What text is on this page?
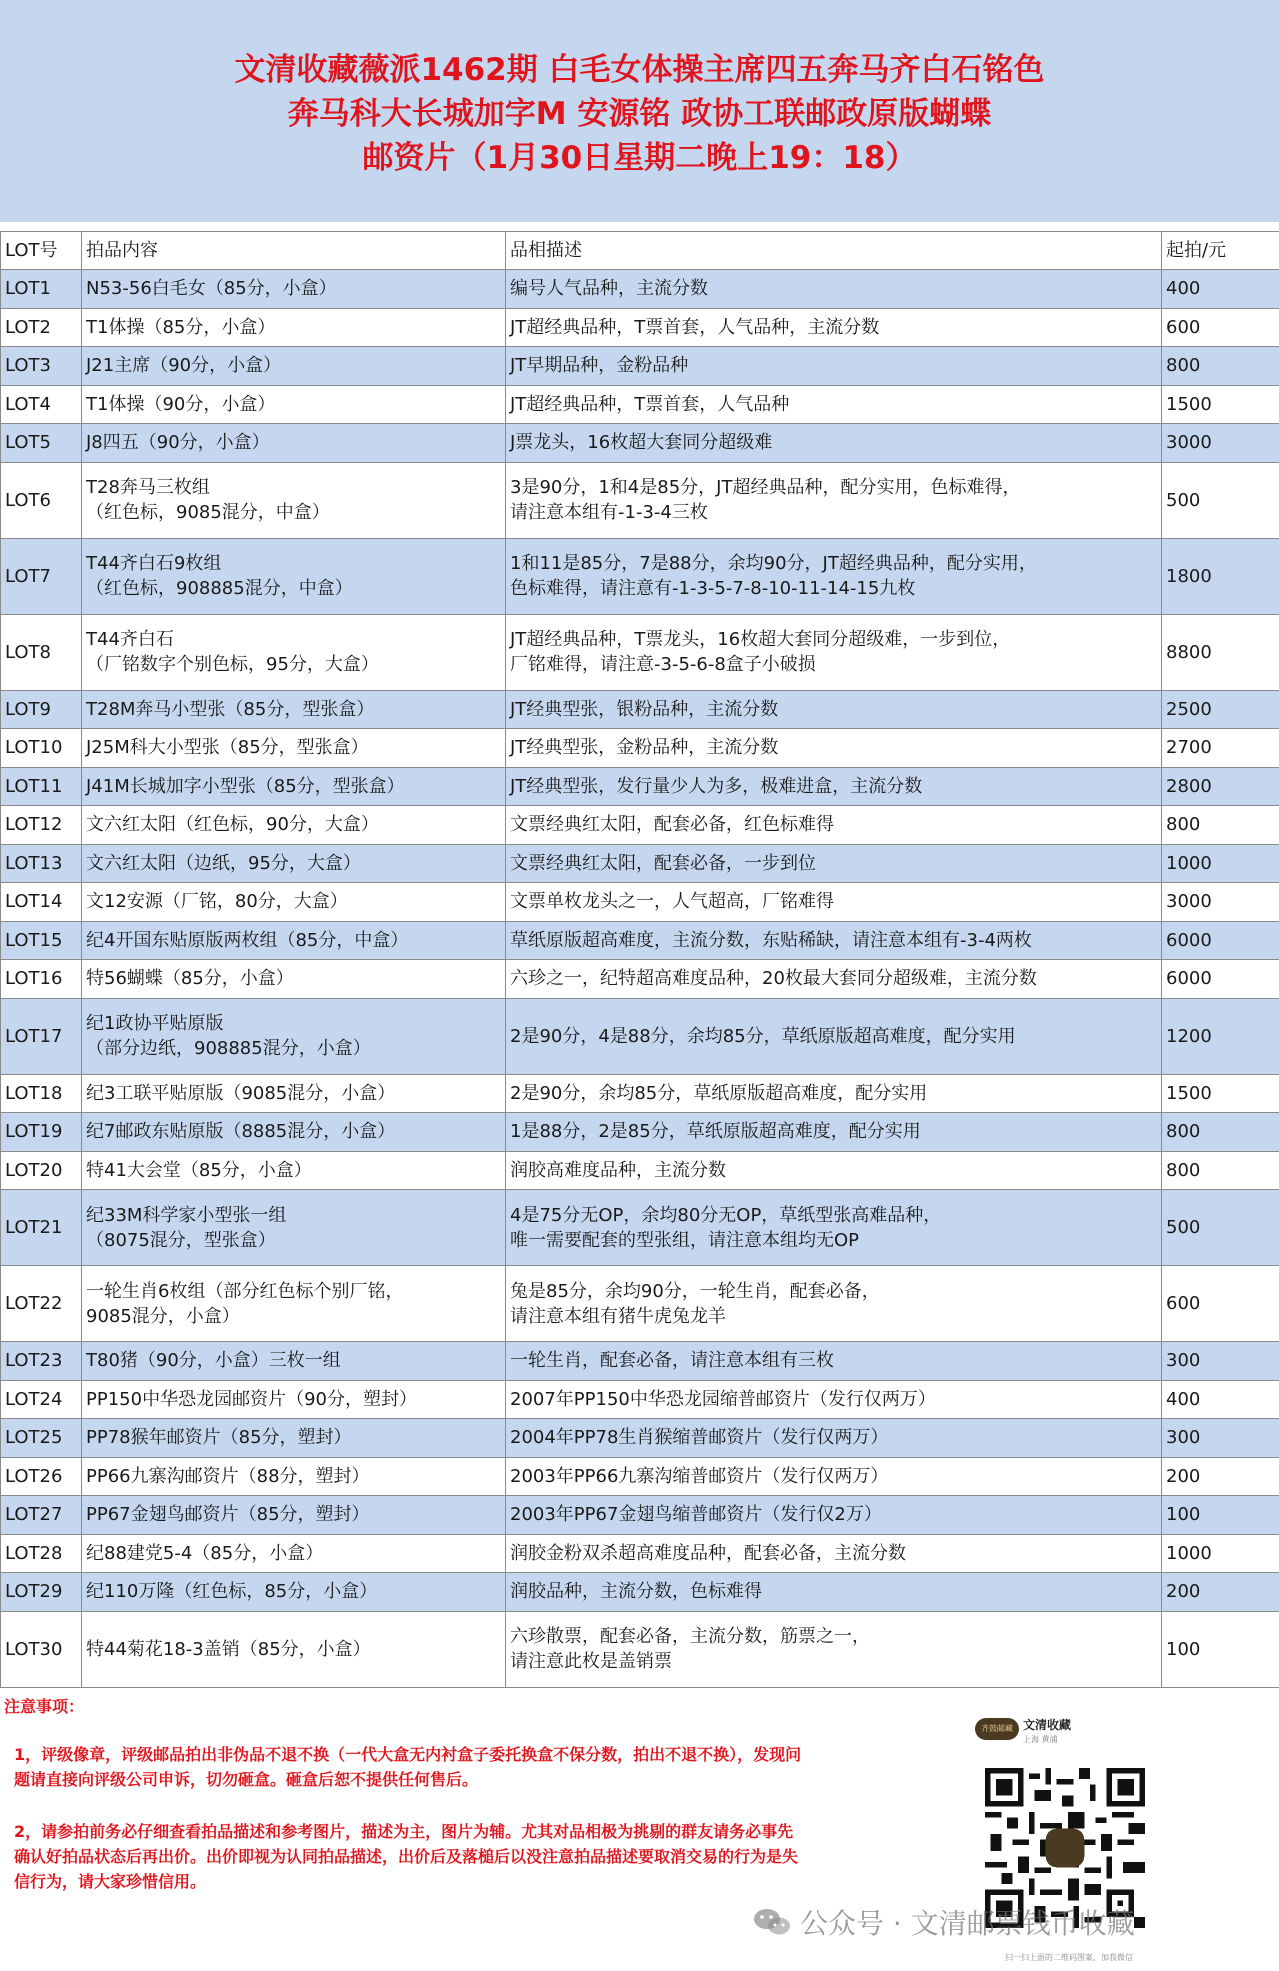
文清收藏薇派1462期 白毛女体操主席四五奔马齐白石铭色
奔马科大长城加字M 安源铭 政协工联邮政原版蝴蝶
邮资片（1月30日星期二晚上19：18）
LOT号	拍品内容	品相描述	起拍/元
LOT1	N53-56白毛女（85分，小盒）	编号人气品种，主流分数	400
LOT2	T1体操（85分，小盒）	JT超经典品种，T票首套，人气品种，主流分数	600
LOT3	J21主席（90分，小盒）	JT早期品种，金粉品种	800
LOT4	T1体操（90分，小盒）	JT超经典品种，T票首套，人气品种	1500
LOT5	J8四五（90分，小盒）	J票龙头，16枚超大套同分超级难	3000
LOT6	T28奔马三枚组
（红色标，9085混分，中盒）	3是90分，1和4是85分，JT超经典品种，配分实用，色标难得，
请注意本组有-1-3-4三枚	500
LOT7	T44齐白石9枚组
（红色标，908885混分，中盒）	1和11是85分，7是88分，余均90分，JT超经典品种，配分实用，
色标难得，请注意有-1-3-5-7-8-10-11-14-15九枚	1800
LOT8	T44齐白石
（厂铭数字个别色标，95分，大盒）	JT超经典品种，T票龙头，16枚超大套同分超级难，一步到位，
厂铭难得，请注意-3-5-6-8盒子小破损	8800
LOT9	T28M奔马小型张（85分，型张盒）	JT经典型张，银粉品种，主流分数	2500
LOT10	J25M科大小型张（85分，型张盒）	JT经典型张，金粉品种，主流分数	2700
LOT11	J41M长城加字小型张（85分，型张盒）	JT经典型张，发行量少人为多，极难进盒，主流分数	2800
LOT12	文六红太阳（红色标，90分，大盒）	文票经典红太阳，配套必备，红色标难得	800
LOT13	文六红太阳（边纸，95分，大盒）	文票经典红太阳，配套必备，一步到位	1000
LOT14	文12安源（厂铭，80分，大盒）	文票单枚龙头之一，人气超高，厂铭难得	3000
LOT15	纪4开国东贴原版两枚组（85分，中盒）	草纸原版超高难度，主流分数，东贴稀缺，请注意本组有-3-4两枚	6000
LOT16	特56蝴蝶（85分，小盒）	六珍之一，纪特超高难度品种，20枚最大套同分超级难，主流分数	6000
LOT17	纪1政协平贴原版
（部分边纸，908885混分，小盒）	2是90分，4是88分，余均85分，草纸原版超高难度，配分实用	1200
LOT18	纪3工联平贴原版（9085混分，小盒）	2是90分，余均85分，草纸原版超高难度，配分实用	1500
LOT19	纪7邮政东贴原版（8885混分，小盒）	1是88分，2是85分，草纸原版超高难度，配分实用	800
LOT20	特41大会堂（85分，小盒）	润胶高难度品种，主流分数	800
LOT21	纪33M科学家小型张一组
（8075混分，型张盒）	4是75分无OP，余均80分无OP，草纸型张高难品种，
唯一需要配套的型张组，请注意本组均无OP	500
LOT22	一轮生肖6枚组（部分红色标个别厂铭，
9085混分，小盒）	兔是85分，余均90分，一轮生肖，配套必备，
请注意本组有猪牛虎兔龙羊	600
LOT23	T80猪（90分，小盒）三枚一组	一轮生肖，配套必备，请注意本组有三枚	300
LOT24	PP150中华恐龙园邮资片（90分，塑封）	2007年PP150中华恐龙园缩普邮资片（发行仅两万）	400
LOT25	PP78猴年邮资片（85分，塑封）	2004年PP78生肖猴缩普邮资片（发行仅两万）	300
LOT26	PP66九寨沟邮资片（88分，塑封）	2003年PP66九寨沟缩普邮资片（发行仅两万）	200
LOT27	PP67金翅鸟邮资片（85分，塑封）	2003年PP67金翅鸟缩普邮资片（发行仅2万）	100
LOT28	纪88建党5-4（85分，小盒）	润胶金粉双杀超高难度品种，配套必备，主流分数	1000
LOT29	纪110万隆（红色标，85分，小盒）	润胶品种，主流分数，色标难得	200
LOT30	特44菊花18-3盖销（85分，小盒）	六珍散票，配套必备，主流分数，筋票之一，
请注意此枚是盖销票	100
注意事项：
1，评级像章，评级邮品拍出非伪品不退不换（一代大盒无内衬盒子委托换盒不保分数，拍出不退不换），发现问题请直接向评级公司申诉，切勿砸盒。砸盒后恕不提供任何售后。
2，请参拍前务必仔细查看拍品描述和参考图片，描述为主，图片为辅。尤其对品相极为挑剔的群友请务必事先确认好拍品状态后再出价。出价即视为认同拍品描述，出价后及落槌后以没注意拍品描述要取消交易的行为是失信行为，请大家珍惜信用。
齐鼓邮藏 文清收藏
上海 黄浦
扫一扫上面的二维码图案，加我微信
公众号 · 文清邮票钱币收藏
